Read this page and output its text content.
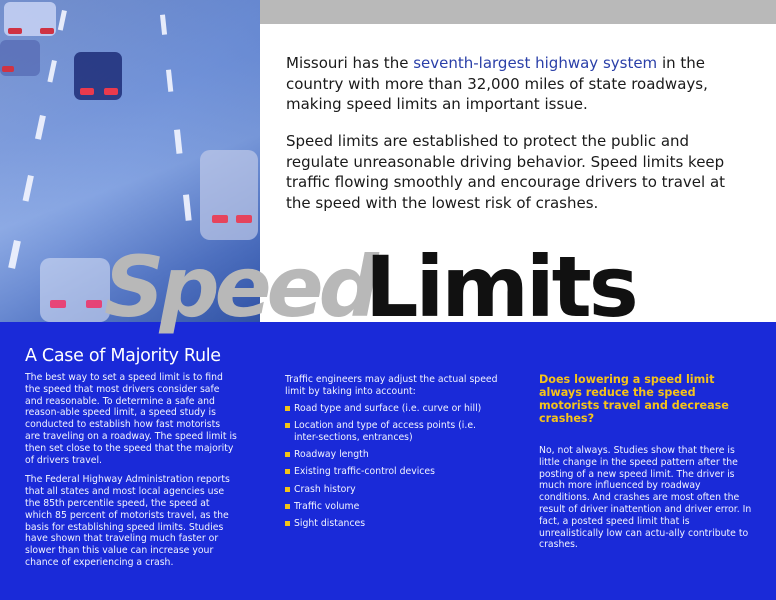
Missouri has the seventh-largest highway system in the country with more than 32,000 miles of state roadways, making speed limits an important issue.

Speed limits are established to protect the public and regulate unreasonable driving behavior. Speed limits keep traffic flowing smoothly and encourage drivers to travel at the speed with the lowest risk of crashes.

Speed
Limits
A Case of Majority Rule

The best way to set a speed limit is to find the speed that most drivers consider safe and reasonable. To determine a safe and reason-able speed limit, a speed study is conducted to establish how fast motorists are traveling on a roadway. The speed limit is then set close to the speed that the majority of drivers travel.

The Federal Highway Administration reports that all states and most local agencies use the 85th percentile speed, the speed at which 85 percent of motorists travel, as the basis for establishing speed limits. Studies have shown that traveling much faster or slower than this value can increase your chance of experiencing a crash.

Traffic engineers may adjust the actual speed limit by taking into account:

Road type and surface (i.e. curve or hill)
Location and type of access points (i.e. inter-sections, entrances)
Roadway length
Existing traffic-control devices
Crash history
Traffic volume
Sight distances
Does lowering a speed limit always reduce the speed motorists travel and decrease crashes?

No, not always. Studies show that there is little change in the speed pattern after the posting of a new speed limit. The driver is much more influenced by roadway conditions. And crashes are most often the result of driver inattention and driver error. In fact, a posted speed limit that is unrealistically low can actu-ally contribute to crashes.
